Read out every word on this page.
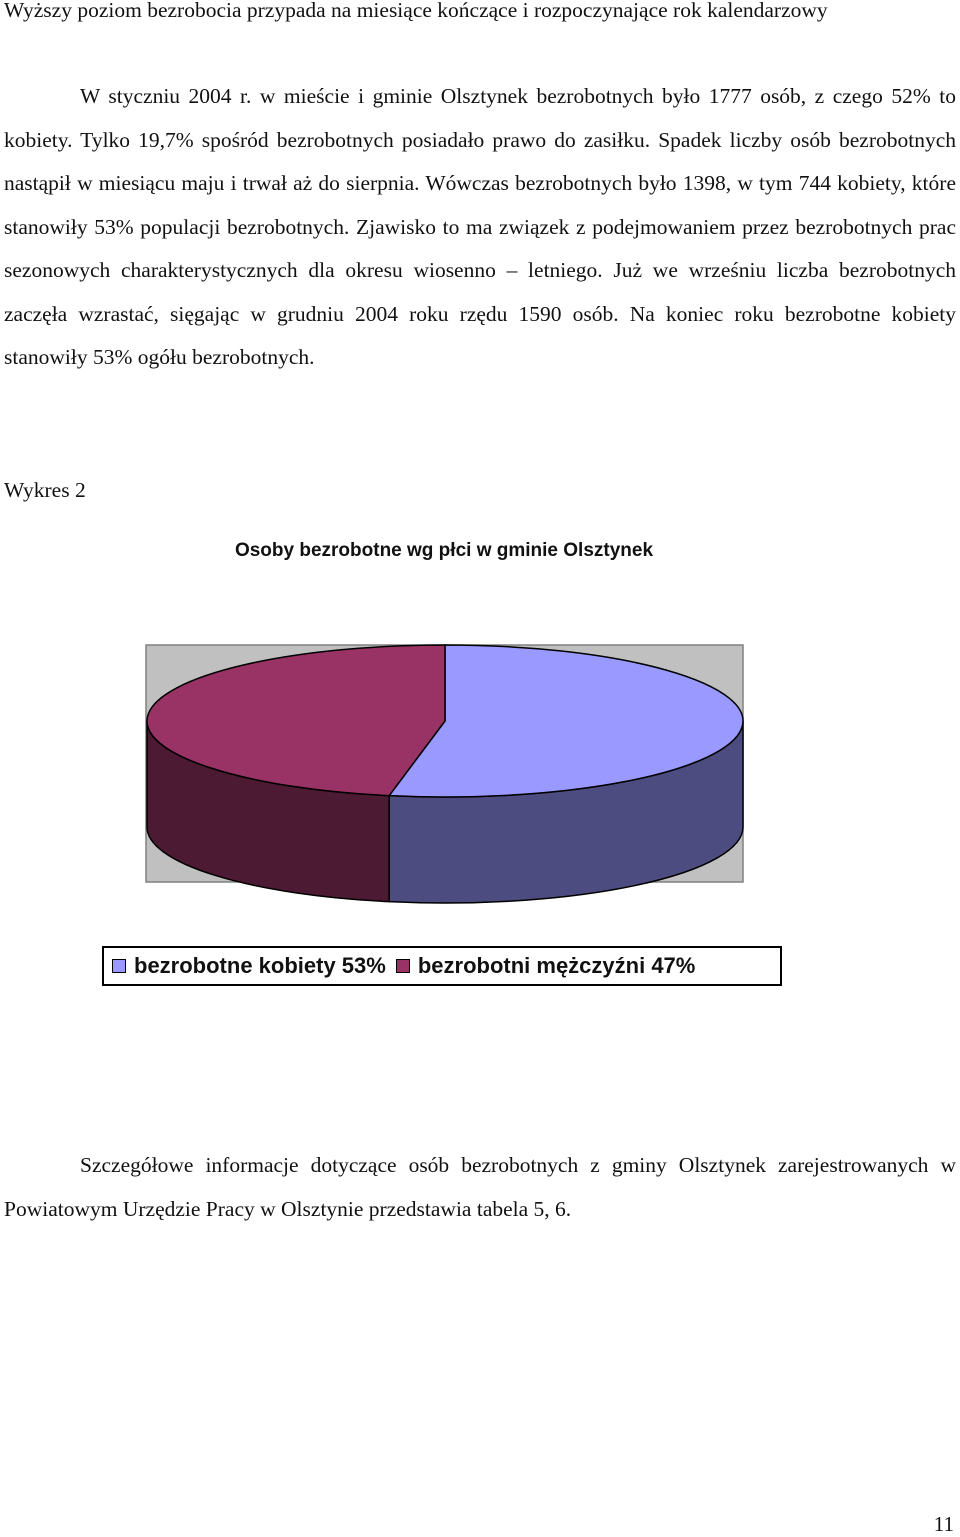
Wyższy poziom bezrobocia przypada na miesiące kończące i rozpoczynające rok kalendarzowy

W styczniu 2004 r. w mieście i gminie Olsztynek bezrobotnych było 1777 osób, z czego 52% to kobiety. Tylko 19,7% spośród bezrobotnych posiadało prawo do zasiłku. Spadek liczby osób bezrobotnych nastąpił w miesiącu maju i trwał aż do sierpnia. Wówczas bezrobotnych było 1398, w tym 744 kobiety, które stanowiły 53% populacji bezrobotnych. Zjawisko to ma związek z podejmowaniem przez bezrobotnych prac sezonowych charakterystycznych dla okresu wiosenno – letniego. Już we wrześniu liczba bezrobotnych zaczęła wzrastać, sięgając w grudniu 2004 roku rzędu 1590 osób. Na koniec roku bezrobotne kobiety stanowiły 53% ogółu bezrobotnych.

Wykres 2
Osoby bezrobotne wg płci w gminie Olsztynek
bezrobotne kobiety 53% bezrobotni mężczyźni 47%

Szczegółowe informacje dotyczące osób bezrobotnych z gminy Olsztynek zarejestrowanych w Powiatowym Urzędzie Pracy w Olsztynie przedstawia tabela 5, 6.

11
